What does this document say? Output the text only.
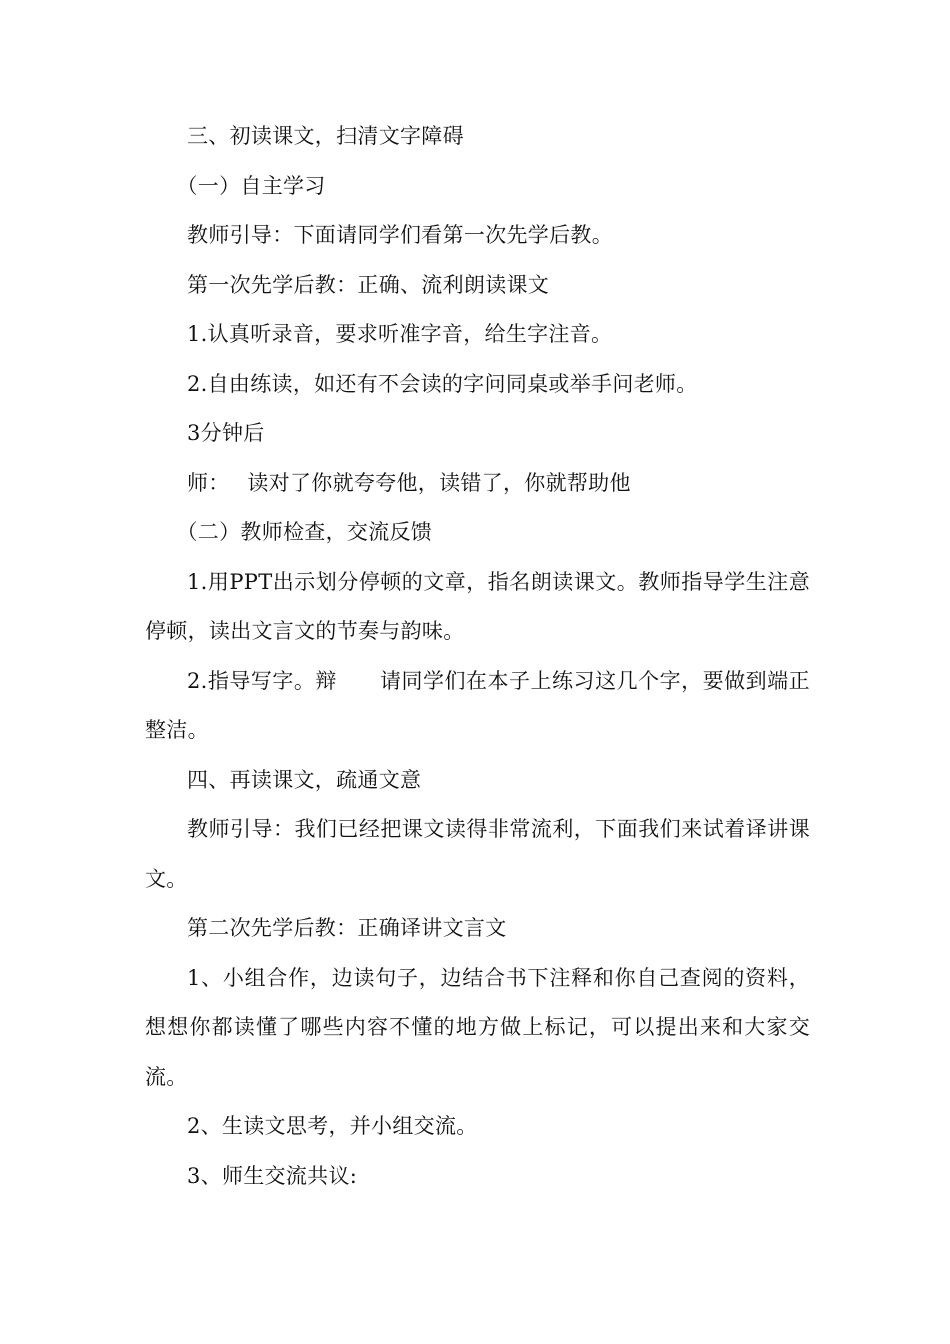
三、初读课文，扫清文字障碍

（一）自主学习

教师引导：下面请同学们看第一次先学后教。

第一次先学后教：正确、流利朗读课文

1.认真听录音，要求听准字音，给生字注音。

2.自由练读，如还有不会读的字问同桌或举手问老师。

3分钟后

师：　 读对了你就夸夸他，读错了，你就帮助他

（二）教师检查，交流反馈

1.用PPT出示划分停顿的文章，指名朗读课文。教师指导学生注意停顿，读出文言文的节奏与韵味。

2.指导写字。辩　　请同学们在本子上练习这几个字，要做到端正整洁。

四、再读课文，疏通文意

教师引导：我们已经把课文读得非常流利，下面我们来试着译讲课文。

第二次先学后教：正确译讲文言文

1、小组合作，边读句子，边结合书下注释和你自己查阅的资料，想想你都读懂了哪些内容不懂的地方做上标记，可以提出来和大家交流。

2、生读文思考，并小组交流。

3、师生交流共议:
